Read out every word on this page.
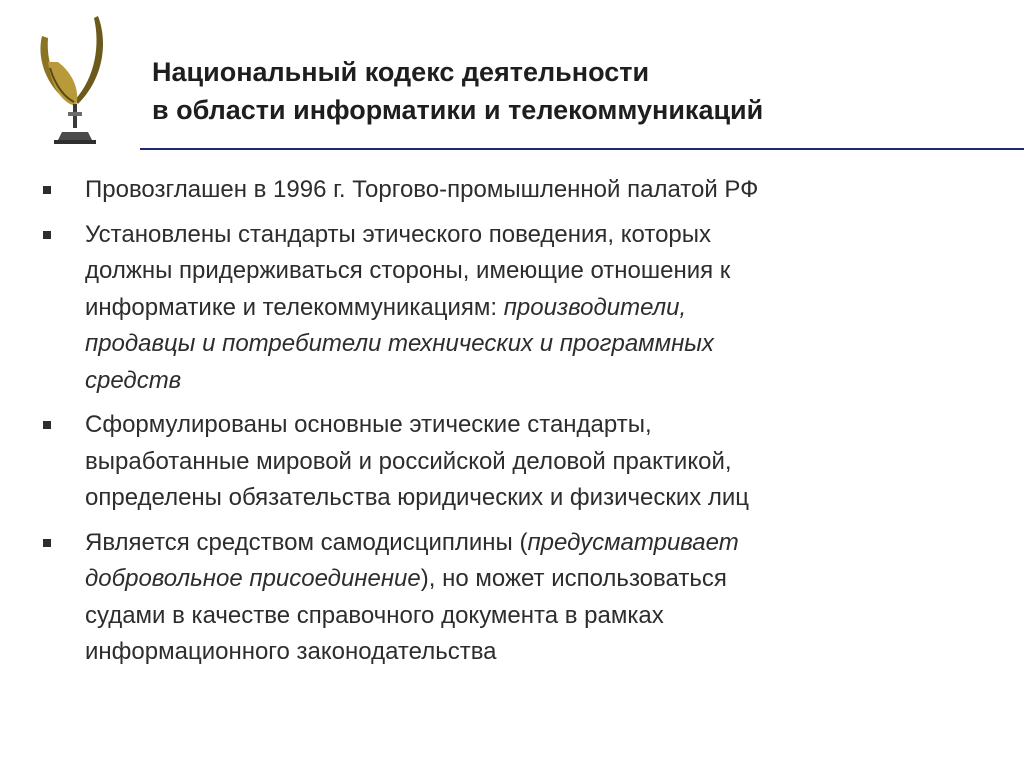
Национальный кодекс деятельности
в области информатики и телекоммуникаций
Провозглашен в 1996 г. Торгово-промышленной палатой РФ
Установлены стандарты этического поведения, которых
должны придерживаться стороны, имеющие отношения к
информатике и телекоммуникациям: производители,
продавцы и потребители технических и программных
средств
Сформулированы основные этические стандарты,
выработанные мировой и российской деловой практикой,
определены обязательства юридических и физических лиц
Является средством самодисциплины (предусматривает
добровольное присоединение), но может использоваться
судами в качестве справочного документа в рамках
информационного законодательства
